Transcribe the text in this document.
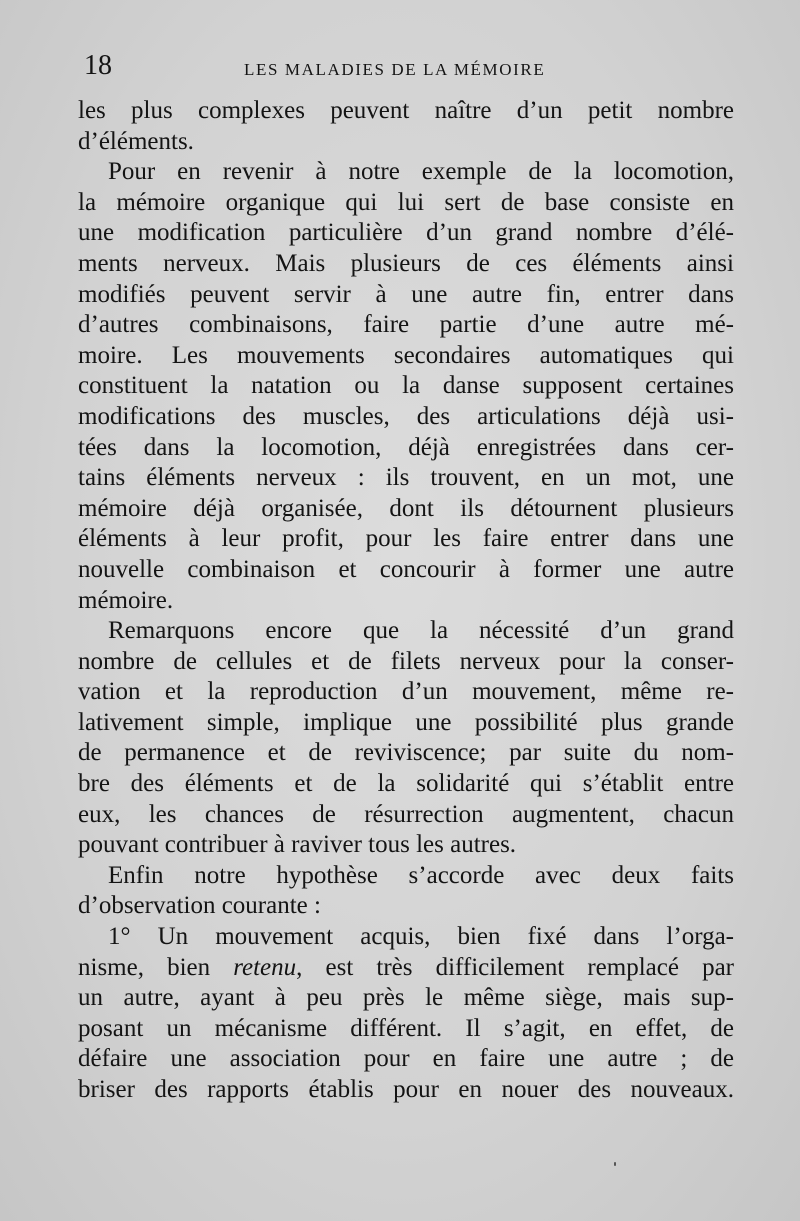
18	LES MALADIES DE LA MÉMOIRE
les plus complexes peuvent naître d’un petit nombre
d’éléments.
Pour en revenir à notre exemple de la locomotion,
la mémoire organique qui lui sert de base consiste en
une modification particulière d’un grand nombre d’élé-
ments nerveux. Mais plusieurs de ces éléments ainsi
modifiés peuvent servir à une autre fin, entrer dans
d’autres combinaisons, faire partie d’une autre mé-
moire. Les mouvements secondaires automatiques qui
constituent la natation ou la danse supposent certaines
modifications des muscles, des articulations déjà usi-
tées dans la locomotion, déjà enregistrées dans cer-
tains éléments nerveux : ils trouvent, en un mot, une
mémoire déjà organisée, dont ils détournent plusieurs
éléments à leur profit, pour les faire entrer dans une
nouvelle combinaison et concourir à former une autre
mémoire.
Remarquons encore que la nécessité d’un grand
nombre de cellules et de filets nerveux pour la conser-
vation et la reproduction d’un mouvement, même re-
lativement simple, implique une possibilité plus grande
de permanence et de reviviscence; par suite du nom-
bre des éléments et de la solidarité qui s’établit entre
eux, les chances de résurrection augmentent, chacun
pouvant contribuer à raviver tous les autres.
Enfin notre hypothèse s’accorde avec deux faits
d’observation courante :
1° Un mouvement acquis, bien fixé dans l’orga-
nisme, bien retenu, est très difficilement remplacé par
un autre, ayant à peu près le même siège, mais sup-
posant un mécanisme différent. Il s’agit, en effet, de
défaire une association pour en faire une autre ; de
briser des rapports établis pour en nouer des nouveaux.
